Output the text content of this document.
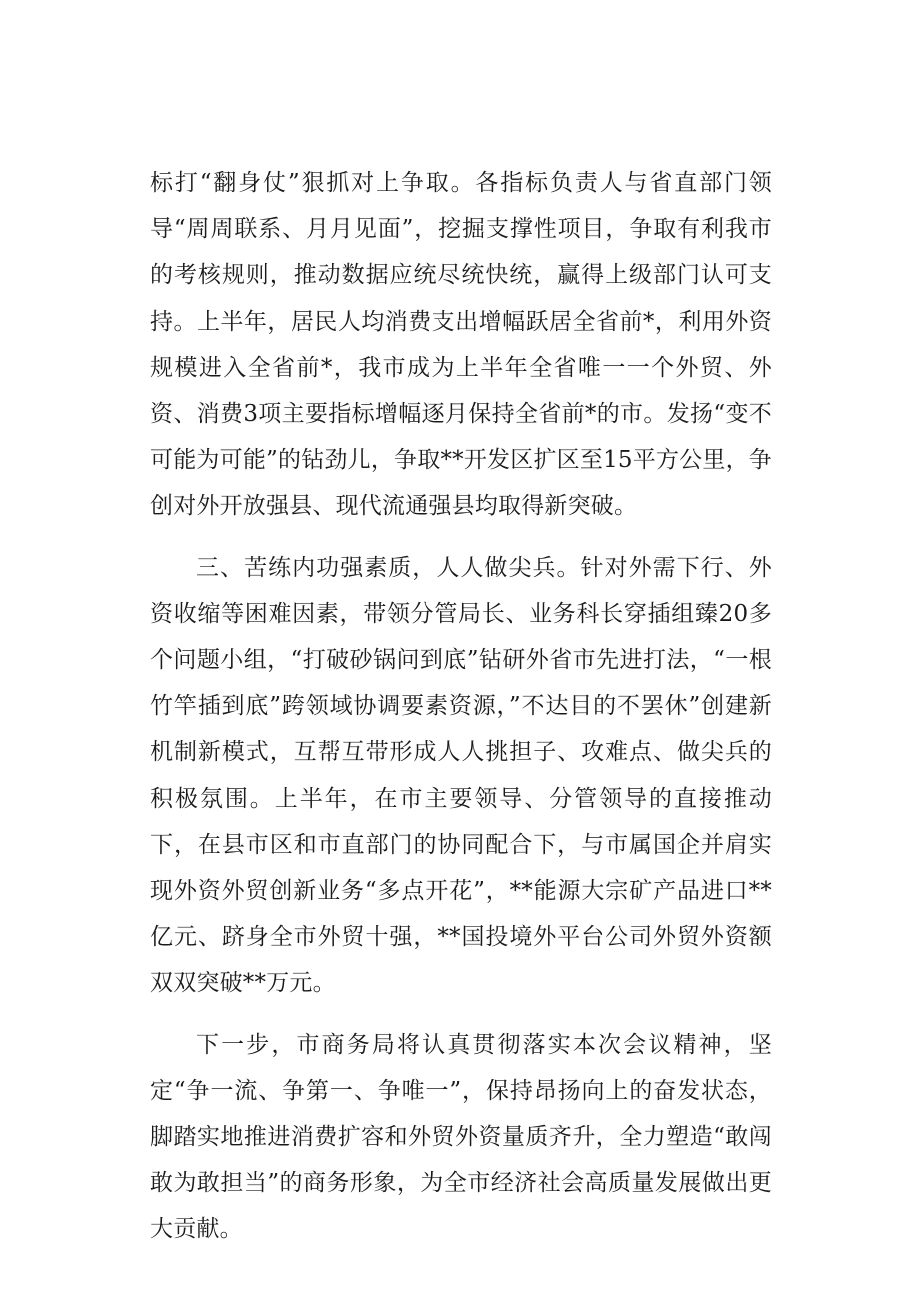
标打“翻身仗”狠抓对上争取。各指标负责人与省直部门领导“周周联系、月月见面”，挖掘支撑性项目，争取有利我市的考核规则，推动数据应统尽统快统，赢得上级部门认可支持。上半年，居民人均消费支出增幅跃居全省前*，利用外资规模进入全省前*，我市成为上半年全省唯一一个外贸、外资、消费3项主要指标增幅逐月保持全省前*的市。发扬“变不可能为可能”的钻劲儿，争取**开发区扩区至15平方公里，争创对外开放强县、现代流通强县均取得新突破。

三、苦练内功强素质，人人做尖兵。针对外需下行、外资收缩等困难因素，带领分管局长、业务科长穿插组臻20多个问题小组，“打破砂锅问到底”钻研外省市先进打法，“一根竹竿插到底”跨领域协调要素资源，”不达目的不罢休”创建新机制新模式，互帮互带形成人人挑担子、攻难点、做尖兵的积极氛围。上半年，在市主要领导、分管领导的直接推动下，在县市区和市直部门的协同配合下，与市属国企并肩实现外资外贸创新业务“多点开花”，**能源大宗矿产品进口**亿元、跻身全市外贸十强，**国投境外平台公司外贸外资额双双突破**万元。

下一步，市商务局将认真贯彻落实本次会议精神，坚定“争一流、争第一、争唯一”，保持昂扬向上的奋发状态，脚踏实地推进消费扩容和外贸外资量质齐升，全力塑造“敢闯敢为敢担当”的商务形象，为全市经济社会高质量发展做出更大贡献。
